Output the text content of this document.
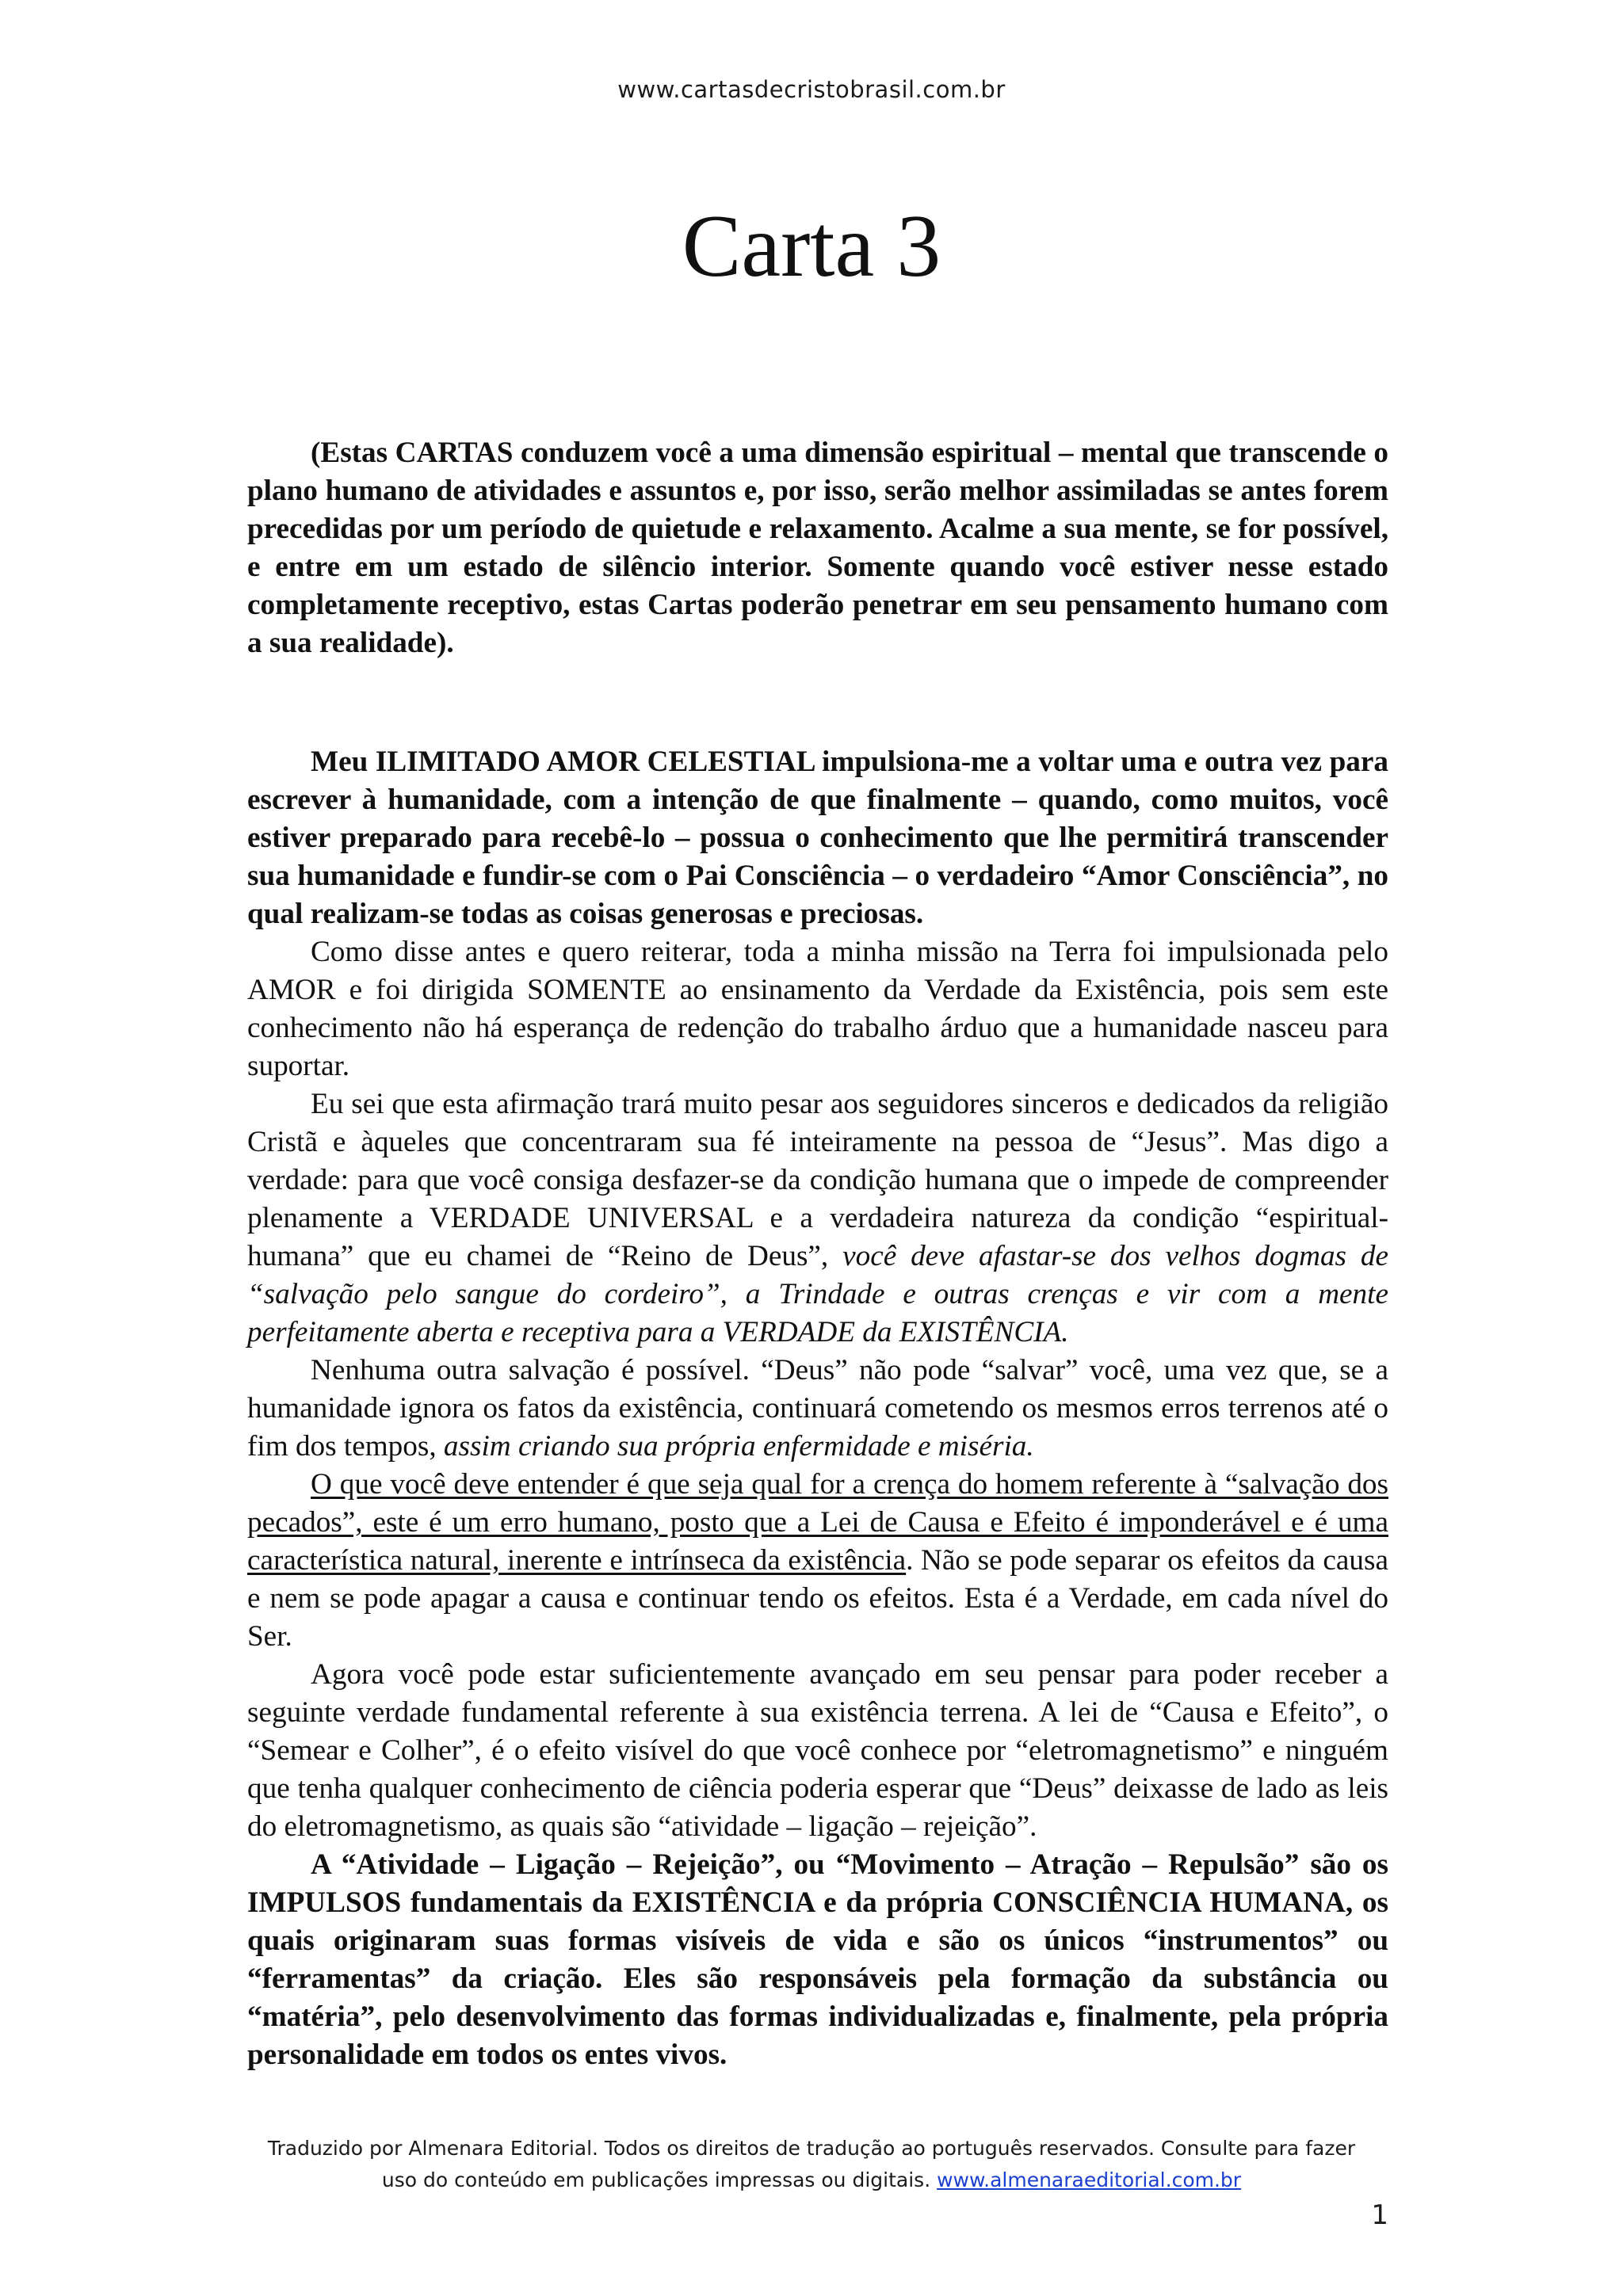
www.cartasdecristobrasil.com.br
Carta 3

(Estas CARTAS conduzem você a uma dimensão espiritual – mental que transcende o plano humano de atividades e assuntos e, por isso, serão melhor assimiladas se antes forem precedidas por um período de quietude e relaxamento. Acalme a sua mente, se for possível, e entre em um estado de silêncio interior. Somente quando você estiver nesse estado completamente receptivo, estas Cartas poderão penetrar em seu pensamento humano com a sua realidade).

Meu ILIMITADO AMOR CELESTIAL impulsiona-me a voltar uma e outra vez para escrever à humanidade, com a intenção de que finalmente – quando, como muitos, você estiver preparado para recebê-lo – possua o conhecimento que lhe permitirá transcender sua humanidade e fundir-se com o Pai Consciência – o verdadeiro “Amor Consciência”, no qual realizam-se todas as coisas generosas e preciosas.

Como disse antes e quero reiterar, toda a minha missão na Terra foi impulsionada pelo AMOR e foi dirigida SOMENTE ao ensinamento da Verdade da Existência, pois sem este conhecimento não há esperança de redenção do trabalho árduo que a humanidade nasceu para suportar.

Eu sei que esta afirmação trará muito pesar aos seguidores sinceros e dedicados da religião Cristã e àqueles que concentraram sua fé inteiramente na pessoa de “Jesus”. Mas digo a verdade: para que você consiga desfazer-se da condição humana que o impede de compreender plenamente a VERDADE UNIVERSAL e a verdadeira natureza da condição “espiritual-humana” que eu chamei de “Reino de Deus”, você deve afastar-se dos velhos dogmas de “salvação pelo sangue do cordeiro”, a Trindade e outras crenças e vir com a mente perfeitamente aberta e receptiva para a VERDADE da EXISTÊNCIA.

Nenhuma outra salvação é possível. “Deus” não pode “salvar” você, uma vez que, se a humanidade ignora os fatos da existência, continuará cometendo os mesmos erros terrenos até o fim dos tempos, assim criando sua própria enfermidade e miséria.

O que você deve entender é que seja qual for a crença do homem referente à “salvação dos pecados”, este é um erro humano, posto que a Lei de Causa e Efeito é imponderável e é uma característica natural, inerente e intrínseca da existência. Não se pode separar os efeitos da causa e nem se pode apagar a causa e continuar tendo os efeitos. Esta é a Verdade, em cada nível do Ser.

Agora você pode estar suficientemente avançado em seu pensar para poder receber a seguinte verdade fundamental referente à sua existência terrena. A lei de “Causa e Efeito”, o “Semear e Colher”, é o efeito visível do que você conhece por “eletromagnetismo” e ninguém que tenha qualquer conhecimento de ciência poderia esperar que “Deus” deixasse de lado as leis do eletromagnetismo, as quais são “atividade – ligação – rejeição”.

A “Atividade – Ligação – Rejeição”, ou “Movimento – Atração – Repulsão” são os IMPULSOS fundamentais da EXISTÊNCIA e da própria CONSCIÊNCIA HUMANA, os quais originaram suas formas visíveis de vida e são os únicos “instrumentos” ou “ferramentas” da criação. Eles são responsáveis pela formação da substância ou “matéria”, pelo desenvolvimento das formas individualizadas e, finalmente, pela própria personalidade em todos os entes vivos.

Traduzido por Almenara Editorial. Todos os direitos de tradução ao português reservados. Consulte para fazer
uso do conteúdo em publicações impressas ou digitais. www.almenaraeditorial.com.br
1
